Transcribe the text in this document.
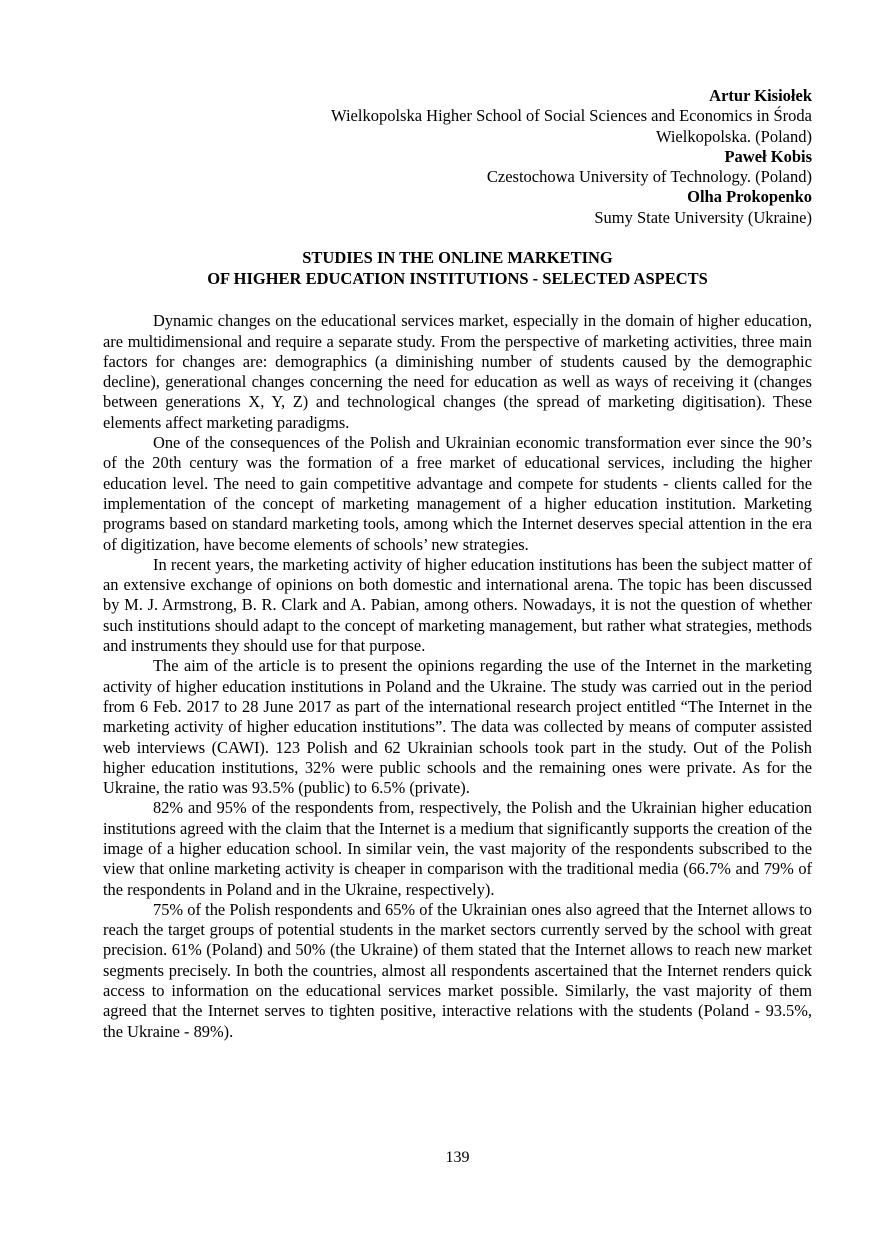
Artur Kisiołek
Wielkopolska Higher School of Social Sciences and Economics in Środa
Wielkopolska. (Poland)
Paweł Kobis
Czestochowa University of Technology. (Poland)
Olha Prokopenko
Sumy State University (Ukraine)
STUDIES IN THE ONLINE MARKETING
OF HIGHER EDUCATION INSTITUTIONS - SELECTED ASPECTS

Dynamic changes on the educational services market, especially in the domain of higher education, are multidimensional and require a separate study. From the perspective of marketing activities, three main factors for changes are: demographics (a diminishing number of students caused by the demographic decline), generational changes concerning the need for education as well as ways of receiving it (changes between generations X, Y, Z) and technological changes (the spread of marketing digitisation). These elements affect marketing paradigms.

One of the consequences of the Polish and Ukrainian economic transformation ever since the 90’s of the 20th century was the formation of a free market of educational services, including the higher education level. The need to gain competitive advantage and compete for students - clients called for the implementation of the concept of marketing management of a higher education institution. Marketing programs based on standard marketing tools, among which the Internet deserves special attention in the era of digitization, have become elements of schools’ new strategies.

In recent years, the marketing activity of higher education institutions has been the subject matter of an extensive exchange of opinions on both domestic and international arena. The topic has been discussed by M. J. Armstrong, B. R. Clark and A. Pabian, among others. Nowadays, it is not the question of whether such institutions should adapt to the concept of marketing management, but rather what strategies, methods and instruments they should use for that purpose.

The aim of the article is to present the opinions regarding the use of the Internet in the marketing activity of higher education institutions in Poland and the Ukraine. The study was carried out in the period from 6 Feb. 2017 to 28 June 2017 as part of the international research project entitled “The Internet in the marketing activity of higher education institutions”. The data was collected by means of computer assisted web interviews (CAWI). 123 Polish and 62 Ukrainian schools took part in the study. Out of the Polish higher education institutions, 32% were public schools and the remaining ones were private. As for the Ukraine, the ratio was 93.5% (public) to 6.5% (private).

82% and 95% of the respondents from, respectively, the Polish and the Ukrainian higher education institutions agreed with the claim that the Internet is a medium that significantly supports the creation of the image of a higher education school. In similar vein, the vast majority of the respondents subscribed to the view that online marketing activity is cheaper in comparison with the traditional media (66.7% and 79% of the respondents in Poland and in the Ukraine, respectively).

75% of the Polish respondents and 65% of the Ukrainian ones also agreed that the Internet allows to reach the target groups of potential students in the market sectors currently served by the school with great precision. 61% (Poland) and 50% (the Ukraine) of them stated that the Internet allows to reach new market segments precisely. In both the countries, almost all respondents ascertained that the Internet renders quick access to information on the educational services market possible. Similarly, the vast majority of them agreed that the Internet serves to tighten positive, interactive relations with the students (Poland - 93.5%, the Ukraine - 89%).

139
